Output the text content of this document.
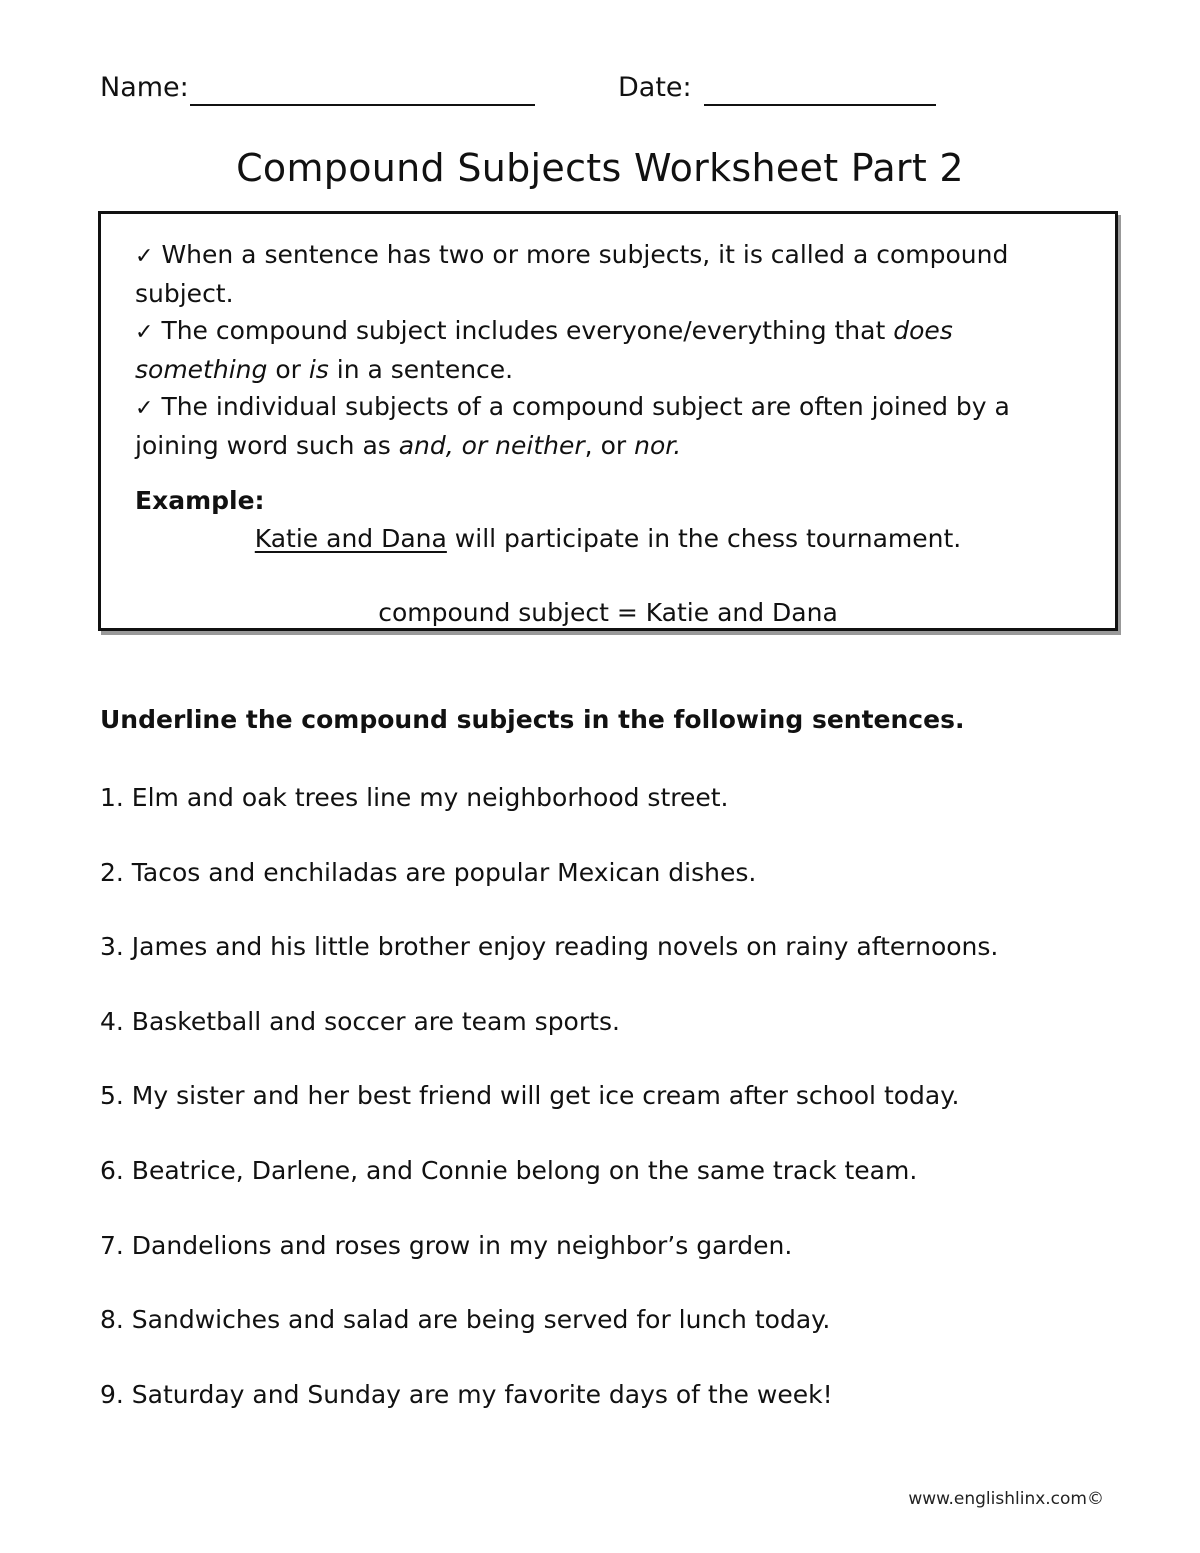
Name:	Date:
Compound Subjects Worksheet Part 2

✓ When a sentence has two or more subjects, it is called a compound subject.

✓ The compound subject includes everyone/everything that does something or is in a sentence.

✓ The individual subjects of a compound subject are often joined by a joining word such as and, or neither, or nor.

Example:
Katie and Dana will participate in the chess tournament.
compound subject = Katie and Dana
Underline the compound subjects in the following sentences.
1. Elm and oak trees line my neighborhood street.
2. Tacos and enchiladas are popular Mexican dishes.
3. James and his little brother enjoy reading novels on rainy afternoons.
4. Basketball and soccer are team sports.
5. My sister and her best friend will get ice cream after school today.
6. Beatrice, Darlene, and Connie belong on the same track team.
7. Dandelions and roses grow in my neighbor’s garden.
8. Sandwiches and salad are being served for lunch today.
9. Saturday and Sunday are my favorite days of the week!
www.englishlinx.com©
